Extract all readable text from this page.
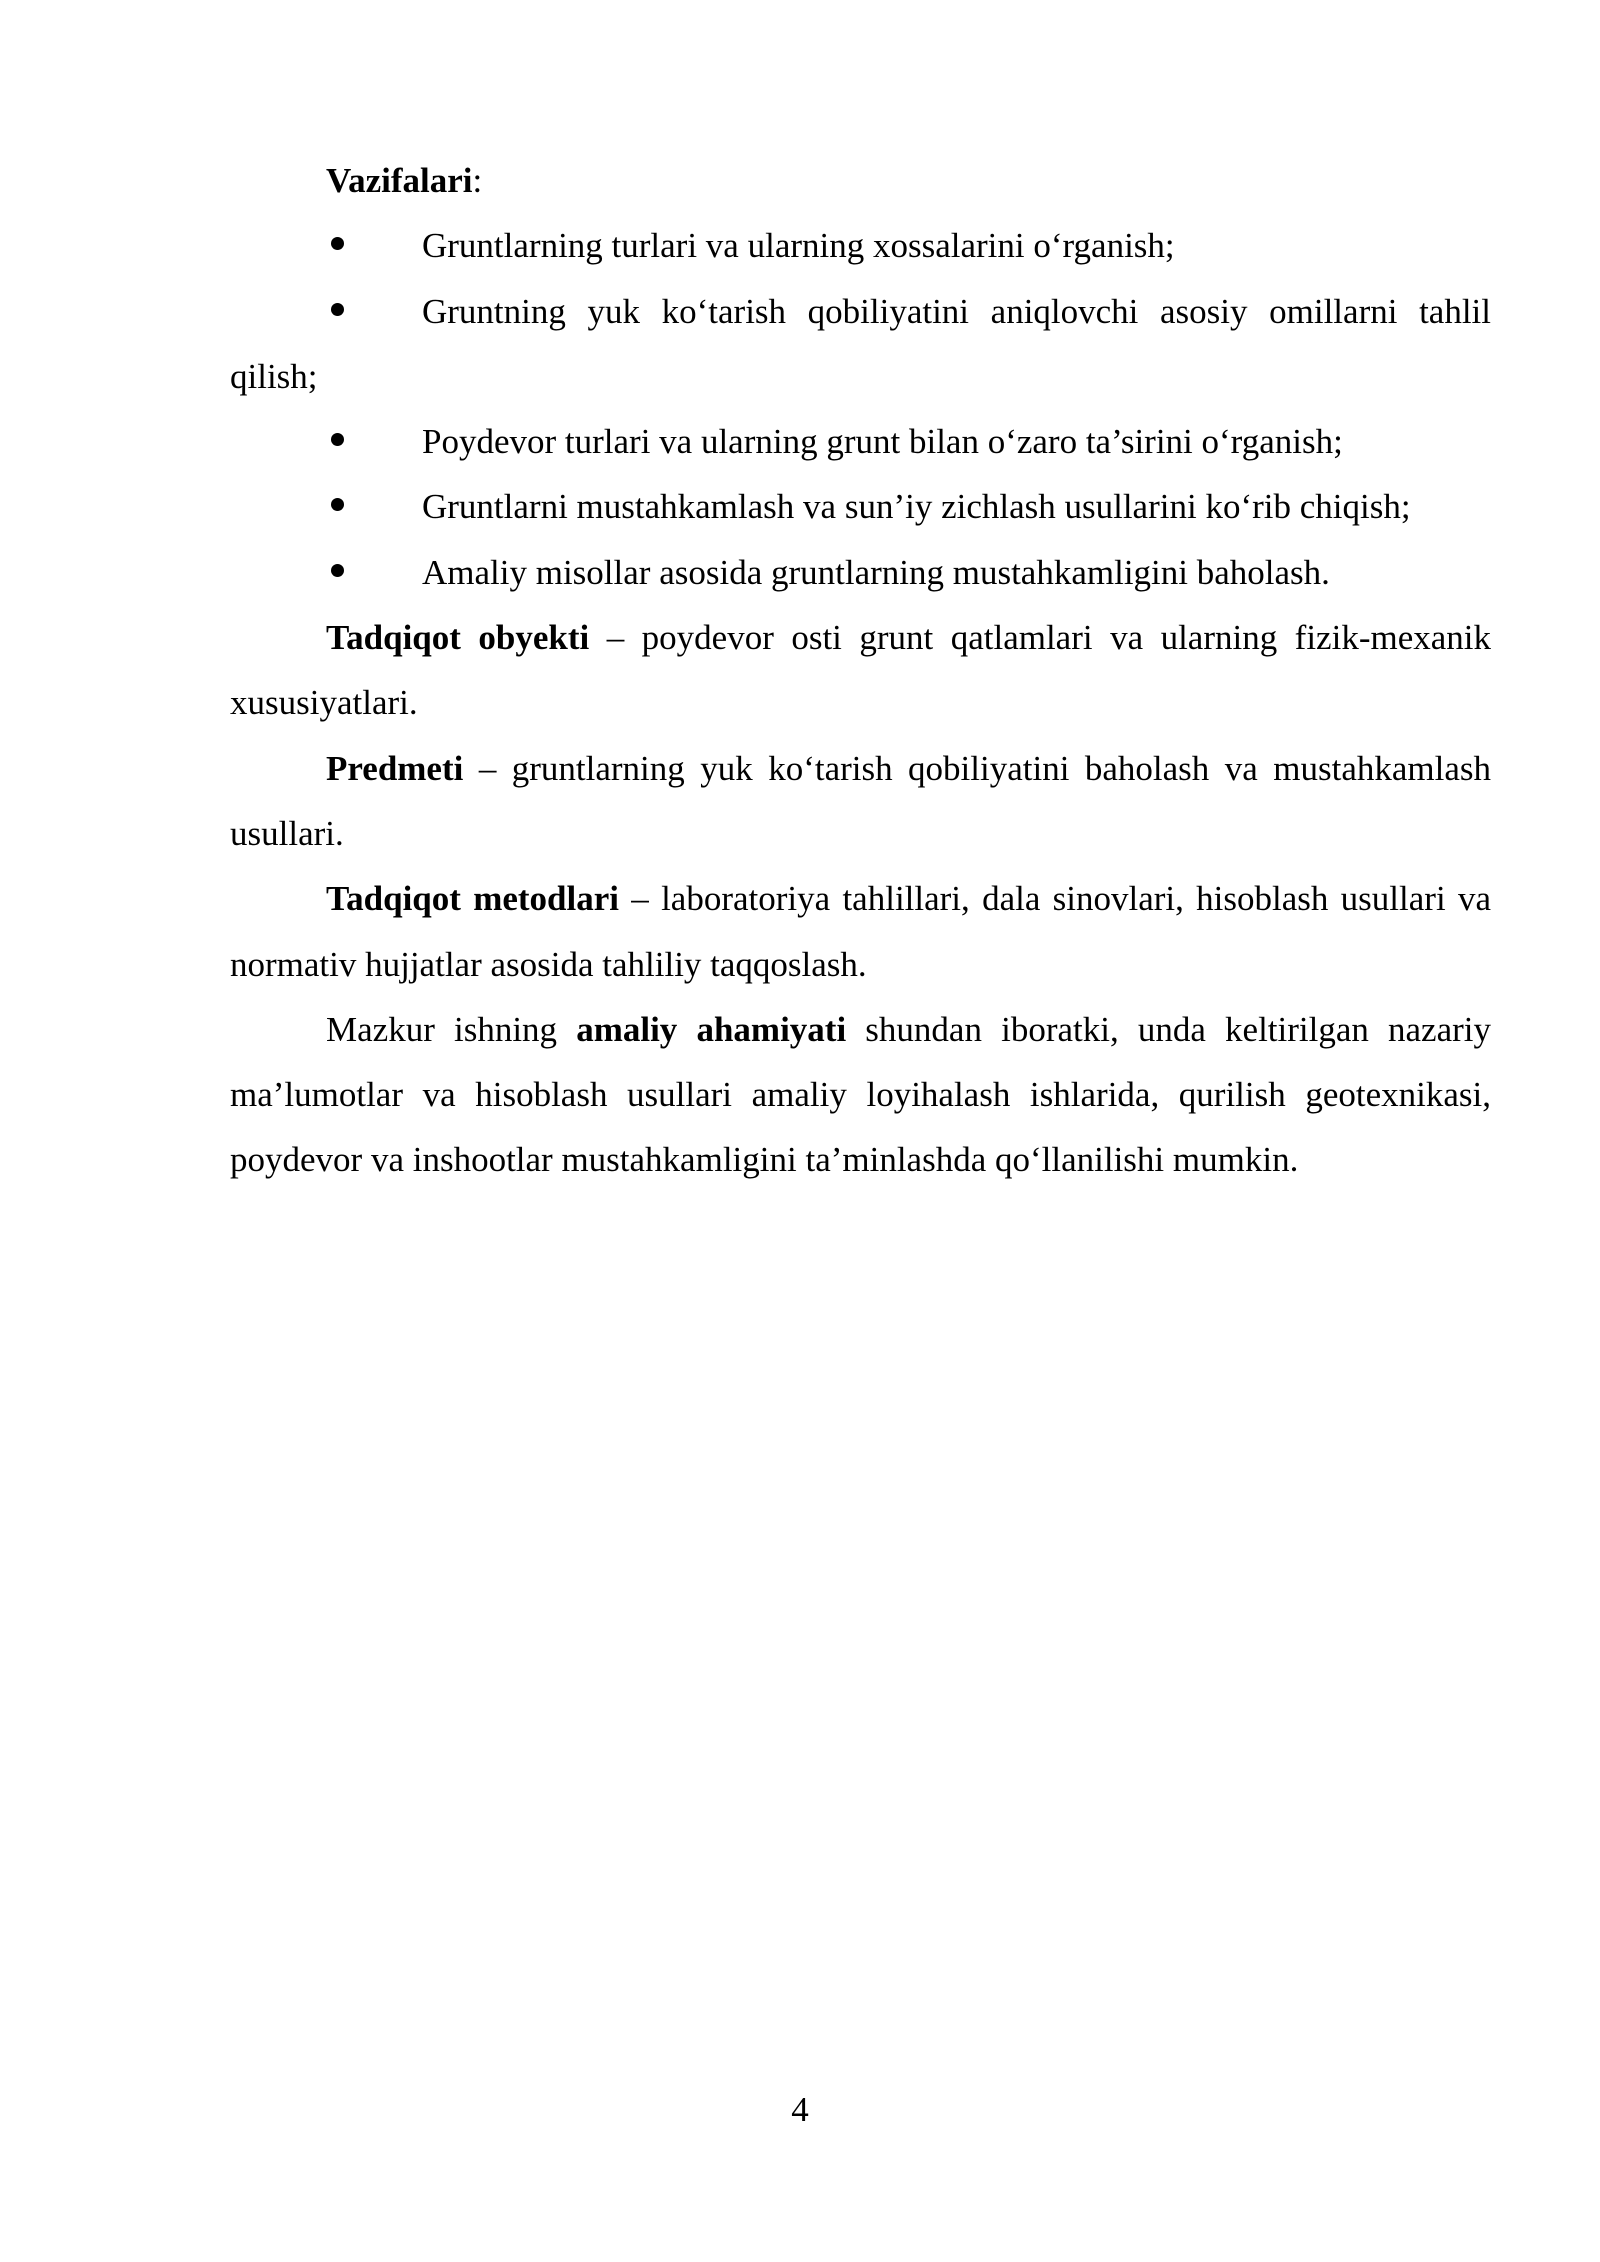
Vazifalari:

Gruntlarning turlari va ularning xossalarini o‘rganish;

Gruntning yuk ko‘tarish qobiliyatini aniqlovchi asosiy omillarni tahlil

qilish;

Poydevor turlari va ularning grunt bilan o‘zaro ta’sirini o‘rganish;

Gruntlarni mustahkamlash va sun’iy zichlash usullarini ko‘rib chiqish;

Amaliy misollar asosida gruntlarning mustahkamligini baholash.

Tadqiqot obyekti – poydevor osti grunt qatlamlari va ularning fizik-mexanik xususiyatlari.

Predmeti – gruntlarning yuk ko‘tarish qobiliyatini baholash va mustahkamlash usullari.

Tadqiqot metodlari – laboratoriya tahlillari, dala sinovlari, hisoblash usullari va normativ hujjatlar asosida tahliliy taqqoslash.

Mazkur ishning amaliy ahamiyati shundan iboratki, unda keltirilgan nazariy ma’lumotlar va hisoblash usullari amaliy loyihalash ishlarida, qurilish geotexnikasi, poydevor va inshootlar mustahkamligini ta’minlashda qo‘llanilishi mumkin.

4
